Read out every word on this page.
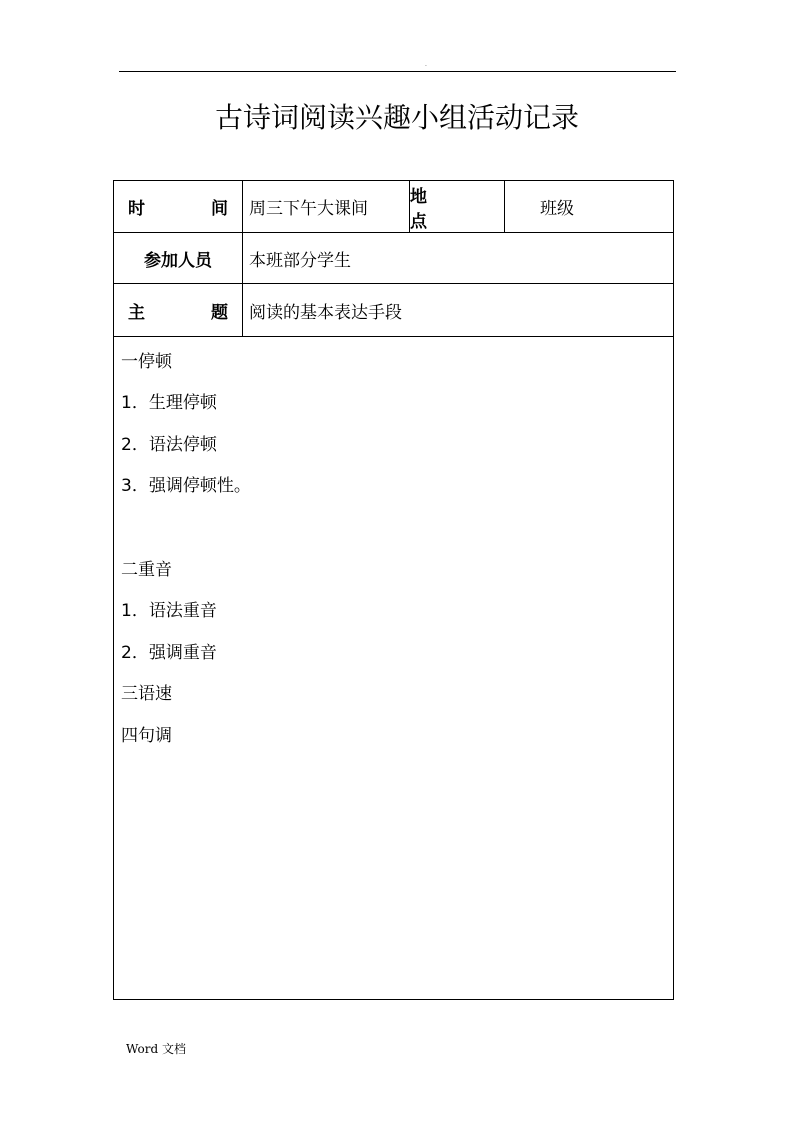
.
古诗词阅读兴趣小组活动记录
时 间
周三下午大课间
地 点
班级
参加人员 本班部分学生
主 题
阅读的基本表达手段
一停顿
1．生理停顿
2．语法停顿
3．强调停顿性。
二重音
1．语法重音
2．强调重音
三语速
四句调
Word 文档
